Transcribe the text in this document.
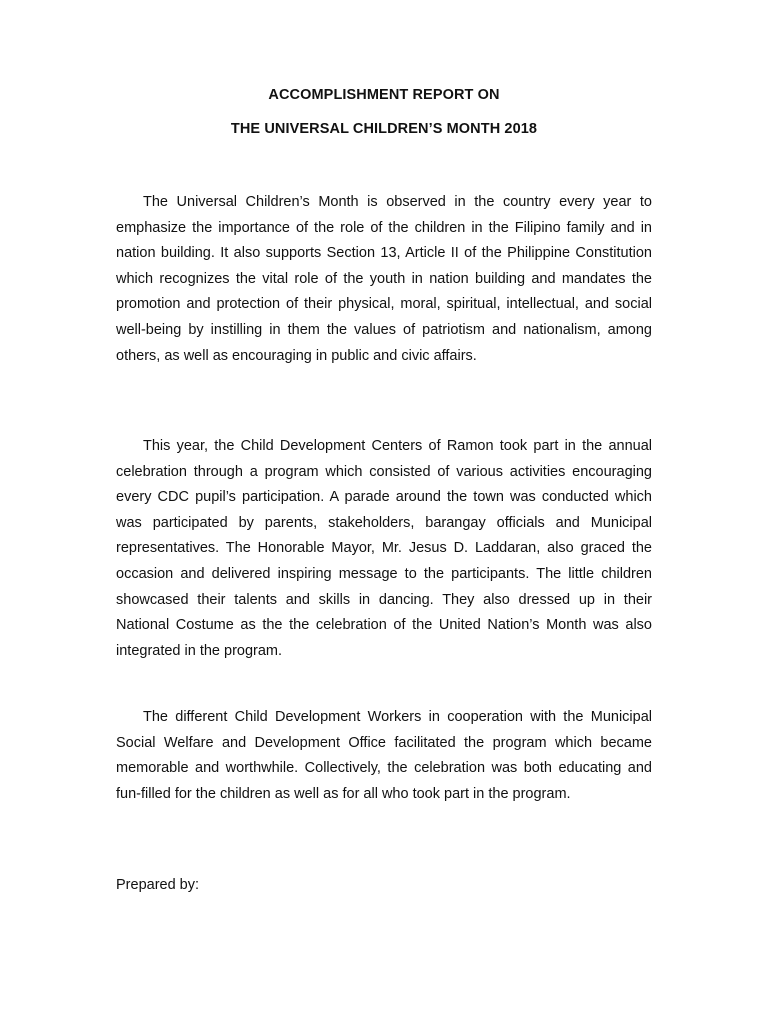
ACCOMPLISHMENT REPORT ON
THE UNIVERSAL CHILDREN’S MONTH 2018

The Universal Children’s Month is observed in the country every year to emphasize the importance of the role of the children in the Filipino family and in nation building. It also supports Section 13, Article II of the Philippine Constitution which recognizes the vital role of the youth in nation building and mandates the promotion and protection of their physical, moral, spiritual, intellectual, and social well-being by instilling in them the values of patriotism and nationalism, among others, as well as encouraging in public and civic affairs.

This year, the Child Development Centers of Ramon took part in the annual celebration through a program which consisted of various activities encouraging every CDC pupil’s participation. A parade around the town was conducted which was participated by parents, stakeholders, barangay officials and Municipal representatives. The Honorable Mayor, Mr. Jesus D. Laddaran, also graced the occasion and delivered inspiring message to the participants. The little children showcased their talents and skills in dancing. They also dressed up in their National Costume as the the celebration of the United Nation’s Month was also integrated in the program.

The different Child Development Workers in cooperation with the Municipal Social Welfare and Development Office facilitated the program which became memorable and worthwhile. Collectively, the celebration was both educating and fun-filled for the children as well as for all who took part in the program.

Prepared by:
